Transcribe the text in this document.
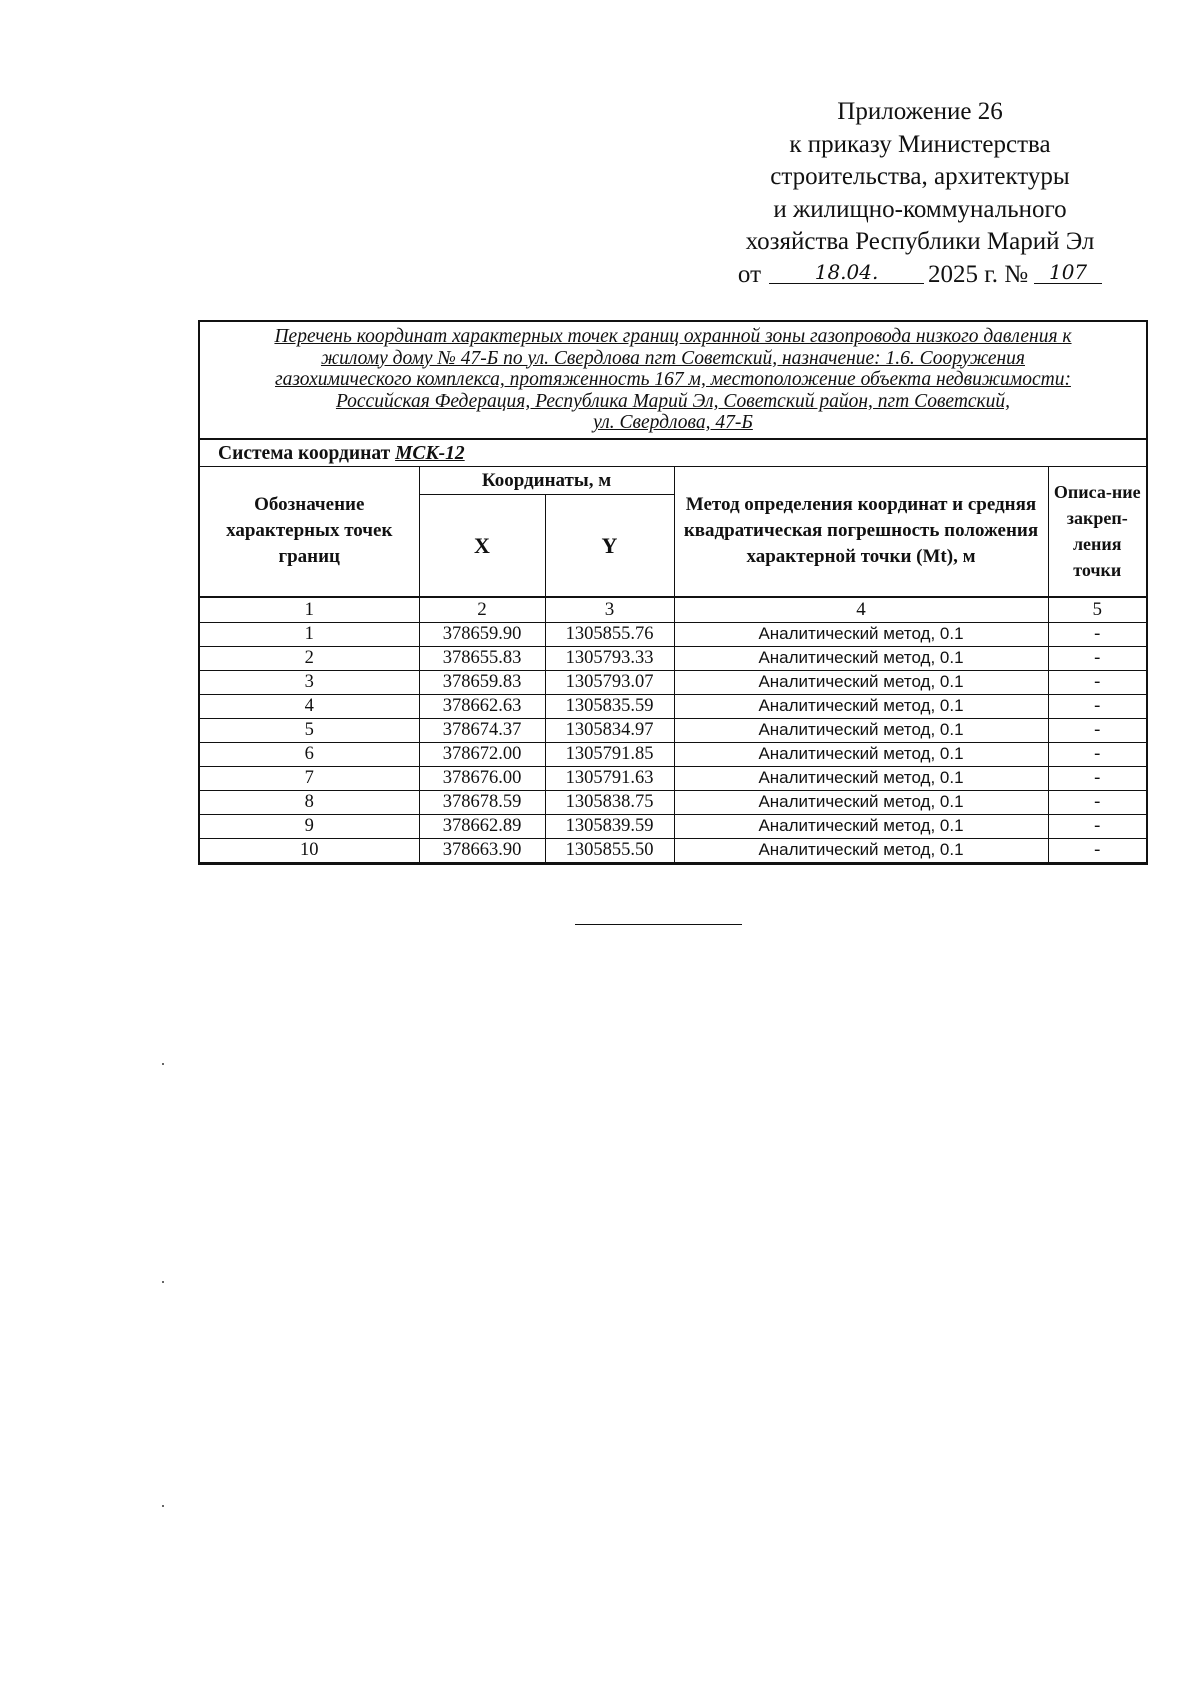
Приложение 26
к приказу Министерства
строительства, архитектуры
и жилищно-коммунального
хозяйства Республики Марий Эл
от	18.04. 2025 г. № 107
Перечень координат характерных точек границ охранной зоны газопровода низкого давления к
жилому дому № 47-Б по ул. Свердлова пгт Советский, назначение: 1.6. Сооружения
газохимического комплекса, протяженность 167 м, местоположение объекта недвижимости:
Российская Федерация, Республика Марий Эл, Советский район, пгт Советский,
ул. Свердлова, 47-Б
Система координат МСК-12
Обозначение характерных точек границ	Координаты, м		Метод определения координат и средняя квадратическая погрешность положения характерной точки (Mt), м	Описа-ние закреп-ления точки
	X	Y		
1	2	3	4	5
1	378659.90	1305855.76	Аналитический метод, 0.1	-
2	378655.83	1305793.33	Аналитический метод, 0.1	-
3	378659.83	1305793.07	Аналитический метод, 0.1	-
4	378662.63	1305835.59	Аналитический метод, 0.1	-
5	378674.37	1305834.97	Аналитический метод, 0.1	-
6	378672.00	1305791.85	Аналитический метод, 0.1	-
7	378676.00	1305791.63	Аналитический метод, 0.1	-
8	378678.59	1305838.75	Аналитический метод, 0.1	-
9	378662.89	1305839.59	Аналитический метод, 0.1	-
10	378663.90	1305855.50	Аналитический метод, 0.1	-
